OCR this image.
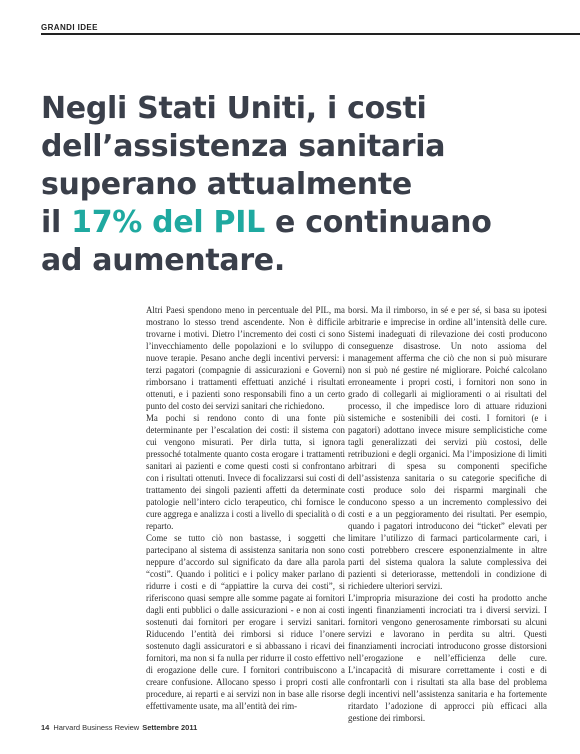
GRANDI IDEE
Negli Stati Uniti, i costi
dell’assistenza sanitaria
superano attualmente
il 17% del PIL e continuano
ad aumentare.

Altri Paesi spendono meno in percentuale del PIL, ma mostrano lo stesso trend ascendente. Non è difficile trovarne i motivi. Dietro l’incremento dei costi ci sono l’invecchiamento delle popolazioni e lo sviluppo di nuove terapie. Pesano anche degli incentivi perversi: i terzi pagatori (compagnie di assicurazioni e Governi) rimborsano i trattamenti effettuati anziché i risultati ottenuti, e i pazienti sono responsabili fino a un certo punto del costo dei servizi sanitari che richiedono.

Ma pochi si rendono conto di una fonte più determinante per l’escalation dei costi: il sistema con cui vengono misurati. Per dirla tutta, si ignora pressoché totalmente quanto costa erogare i trattamenti sanitari ai pazienti e come questi costi si confrontano con i risultati ottenuti. Invece di focalizzarsi sui costi di trattamento dei singoli pazienti affetti da determinate patologie nell’intero ciclo terapeutico, chi fornisce le cure aggrega e analizza i costi a livello di specialità o di reparto.

Come se tutto ciò non bastasse, i soggetti che partecipano al sistema di assistenza sanitaria non sono neppure d’accordo sul significato da dare alla parola “costi”. Quando i politici e i policy maker parlano di ridurre i costi e di “appiattire la curva dei costi”, si riferiscono quasi sempre alle somme pagate ai fornitori dagli enti pubblici o dalle assicurazioni - e non ai costi sostenuti dai fornitori per erogare i servizi sanitari. Riducendo l’entità dei rimborsi si riduce l’onere sostenuto dagli assicuratori e si abbassano i ricavi dei fornitori, ma non si fa nulla per ridurre il costo effettivo di erogazione delle cure. I fornitori contribuiscono a creare confusione. Allocano spesso i propri costi alle procedure, ai reparti e ai servizi non in base alle risorse effettivamente usate, ma all’entità dei rim-

borsi. Ma il rimborso, in sé e per sé, si basa su ipotesi arbitrarie e imprecise in ordine all’intensità delle cure. Sistemi inadeguati di rilevazione dei costi producono conseguenze disastrose. Un noto assioma del management afferma che ciò che non si può misurare non si può né gestire né migliorare. Poiché calcolano erroneamente i propri costi, i fornitori non sono in grado di collegarli ai miglioramenti o ai risultati del processo, il che impedisce loro di attuare riduzioni sistemiche e sostenibili dei costi. I fornitori (e i pagatori) adottano invece misure semplicistiche come tagli generalizzati dei servizi più costosi, delle retribuzioni e degli organici. Ma l’imposizione di limiti arbitrari di spesa su componenti specifiche dell’assistenza sanitaria o su categorie specifiche di costi produce solo dei risparmi marginali che conducono spesso a un incremento complessivo dei costi e a un peggioramento dei risultati. Per esempio, quando i pagatori introducono dei “ticket” elevati per limitare l’utilizzo di farmaci particolarmente cari, i costi potrebbero crescere esponenzialmente in altre parti del sistema qualora la salute complessiva dei pazienti si deteriorasse, mettendoli in condizione di richiedere ulteriori servizi.

L’impropria misurazione dei costi ha prodotto anche ingenti finanziamenti incrociati tra i diversi servizi. I fornitori vengono generosamente rimborsati su alcuni servizi e lavorano in perdita su altri. Questi finanziamenti incrociati introducono grosse distorsioni nell’erogazione e nell’efficienza delle cure. L’incapacità di misurare correttamente i costi e di confrontarli con i risultati sta alla base del problema degli incentivi nell’assistenza sanitaria e ha fortemente ritardato l’adozione di approcci più efficaci alla gestione dei rimborsi.

14 Harvard Business Review Settembre 2011
